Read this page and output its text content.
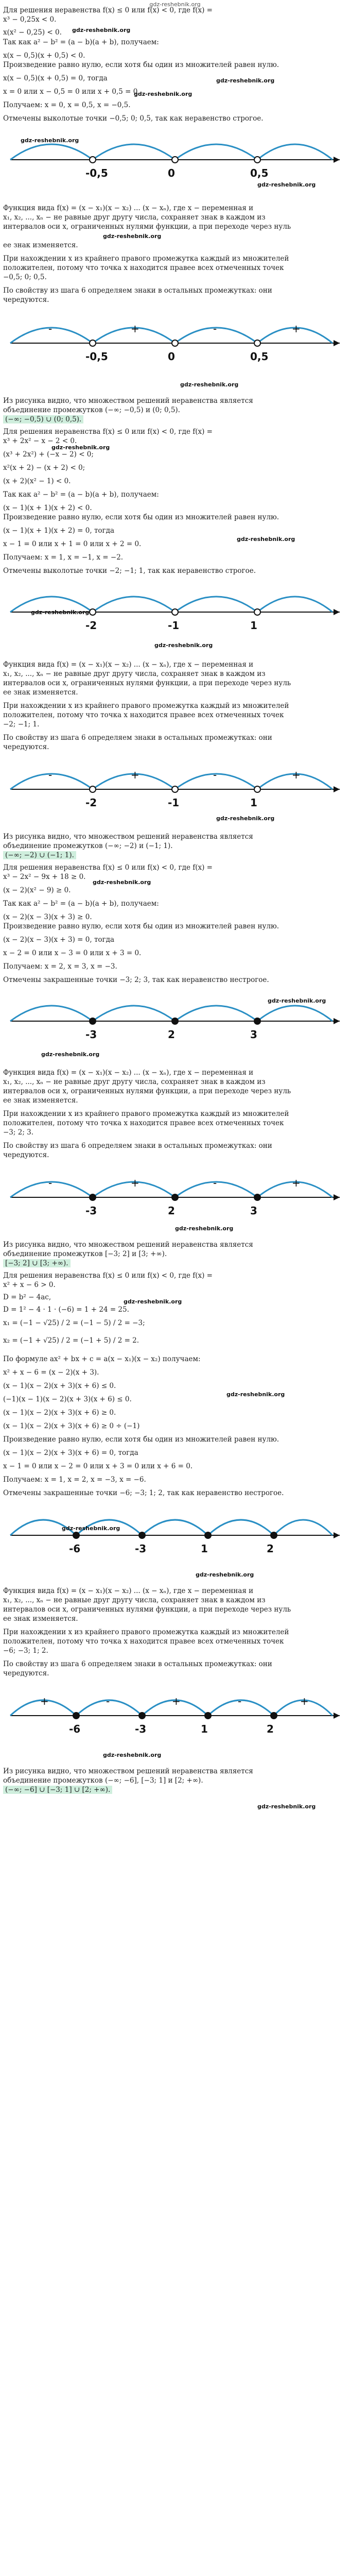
gdz-reshebnik.org
Для решения неравенства f(x) ≤ 0 или f(x) < 0, где f(x) =
x³ − 0,25x < 0.
x(x² − 0,25) < 0.
Так как a² − b² = (a − b)(a + b), получаем:
x(x − 0,5)(x + 0,5) < 0.
Произведение равно нулю, если хотя бы один из множителей равен нулю.
x(x − 0,5)(x + 0,5) = 0, тогда
x = 0 или x − 0,5 = 0 или x + 0,5 = 0.
Получаем: x = 0, x = 0,5, x = −0,5.
Отмечены выколотые точки −0,5; 0; 0,5, так как неравенство строгое.
Функция вида f(x) = (x − x₁)(x − x₂) ... (x − xₙ), где x − переменная и
x₁, x₂, ..., xₙ − не равные друг другу числа, сохраняет знак в каждом из
интервалов оси x, ограниченных нулями функции, а при переходе через нуль
ее знак изменяется.
При нахождении x из крайнего правого промежутка каждый из множителей
положителен, потому что точка x находится правее всех отмеченных точек
−0,5; 0; 0,5.
По свойству из шага 6 определяем знаки в остальных промежутках: они
чередуются.
Из рисунка видно, что множеством решений неравенства является
объединение промежутков (−∞; −0,5) и (0; 0,5).
(−∞; −0,5) ∪ (0; 0,5).
Для решения неравенства f(x) ≤ 0 или f(x) < 0, где f(x) =
x³ + 2x² − x − 2 < 0.
(x³ + 2x²) + (−x − 2) < 0;
x²(x + 2) − (x + 2) < 0;
(x + 2)(x² − 1) < 0.
Так как a² − b² = (a − b)(a + b), получаем:
(x − 1)(x + 1)(x + 2) < 0.
Произведение равно нулю, если хотя бы один из множителей равен нулю.
(x − 1)(x + 1)(x + 2) = 0, тогда
x − 1 = 0 или x + 1 = 0 или x + 2 = 0.
Получаем: x = 1, x = −1, x = −2.
Отмечены выколотые точки −2; −1; 1, так как неравенство строгое.
Функция вида f(x) = (x − x₁)(x − x₂) ... (x − xₙ), где x − переменная и
x₁, x₂, ..., xₙ − не равные друг другу числа, сохраняет знак в каждом из
интервалов оси x, ограниченных нулями функции, а при переходе через нуль
ее знак изменяется.
При нахождении x из крайнего правого промежутка каждый из множителей
положителен, потому что точка x находится правее всех отмеченных точек
−2; −1; 1.
По свойству из шага 6 определяем знаки в остальных промежутках: они
чередуются.
Из рисунка видно, что множеством решений неравенства является
объединение промежутков (−∞; −2) и (−1; 1).
(−∞; −2) ∪ (−1; 1).
Для решения неравенства f(x) ≤ 0 или f(x) < 0, где f(x) =
x³ − 2x² − 9x + 18 ≥ 0.
(x − 2)(x² − 9) ≥ 0.
Так как a² − b² = (a − b)(a + b), получаем:
(x − 2)(x − 3)(x + 3) ≥ 0.
Произведение равно нулю, если хотя бы один из множителей равен нулю.
(x − 2)(x − 3)(x + 3) = 0, тогда
x − 2 = 0 или x − 3 = 0 или x + 3 = 0.
Получаем: x = 2, x = 3, x = −3.
Отмечены закрашенные точки −3; 2; 3, так как неравенство нестрогое.
Функция вида f(x) = (x − x₁)(x − x₂) ... (x − xₙ), где x − переменная и
x₁, x₂, ..., xₙ − не равные друг другу числа, сохраняет знак в каждом из
интервалов оси x, ограниченных нулями функции, а при переходе через нуль
ее знак изменяется.
При нахождении x из крайнего правого промежутка каждый из множителей
положителен, потому что точка x находится правее всех отмеченных точек
−3; 2; 3.
По свойству из шага 6 определяем знаки в остальных промежутках: они
чередуются.
Из рисунка видно, что множеством решений неравенства является
объединение промежутков [−3; 2] и [3; +∞).
[−3; 2] ∪ [3; +∞).
Для решения неравенства f(x) ≤ 0 или f(x) < 0, где f(x) =
x² + x − 6 > 0.
D = b² − 4ac,
D = 1² − 4 · 1 · (−6) = 1 + 24 = 25.
x₁ = (−1 − √25) / 2 = (−1 − 5) / 2 = −3;
x₂ = (−1 + √25) / 2 = (−1 + 5) / 2 = 2.
По формуле ax² + bx + c = a(x − x₁)(x − x₂) получаем:
x² + x − 6 = (x − 2)(x + 3).
(x − 1)(x − 2)(x + 3)(x + 6) ≤ 0.
(−1)(x − 1)(x − 2)(x + 3)(x + 6) ≤ 0.
(x − 1)(x − 2)(x + 3)(x + 6) ≥ 0.
(x − 1)(x − 2)(x + 3)(x + 6) ≥ 0 ÷ (−1)
Произведение равно нулю, если хотя бы один из множителей равен нулю.
(x − 1)(x − 2)(x + 3)(x + 6) = 0, тогда
x − 1 = 0 или x − 2 = 0 или x + 3 = 0 или x + 6 = 0.
Получаем: x = 1, x = 2, x = −3, x = −6.
Отмечены закрашенные точки −6; −3; 1; 2, так как неравенство нестрогое.
Функция вида f(x) = (x − x₁)(x − x₂) ... (x − xₙ), где x − переменная и
x₁, x₂, ..., xₙ − не равные друг другу числа, сохраняет знак в каждом из
интервалов оси x, ограниченных нулями функции, а при переходе через нуль
ее знак изменяется.
При нахождении x из крайнего правого промежутка каждый из множителей
положителен, потому что точка x находится правее всех отмеченных точек
−6; −3; 1; 2.
По свойству из шага 6 определяем знаки в остальных промежутках: они
чередуются.
Из рисунка видно, что множеством решений неравенства является
объединение промежутков (−∞; −6], [−3; 1] и [2; +∞).
(−∞; −6] ∪ [−3; 1] ∪ [2; +∞).
-0,5	0	0,5
-0,5	0	0,5
-	+	-	+
-2	-1	1
-2	-1	1
-	+	-	+
-3	2	3
-3	2	3
-	+	-	+
-6	-3	1	2
-6	-3	1	2
+	-	+	-	+
gdz-reshebnik.org
gdz-reshebnik.org
gdz-reshebnik.org
gdz-reshebnik.org
gdz-reshebnik.org
gdz-reshebnik.org
gdz-reshebnik.org
gdz-reshebnik.org
gdz-reshebnik.org
gdz-reshebnik.org
gdz-reshebnik.org
gdz-reshebnik.org
gdz-reshebnik.org
gdz-reshebnik.org
gdz-reshebnik.org
gdz-reshebnik.org
gdz-reshebnik.org
gdz-reshebnik.org
gdz-reshebnik.org
gdz-reshebnik.org
gdz-reshebnik.org
gdz-reshebnik.org
